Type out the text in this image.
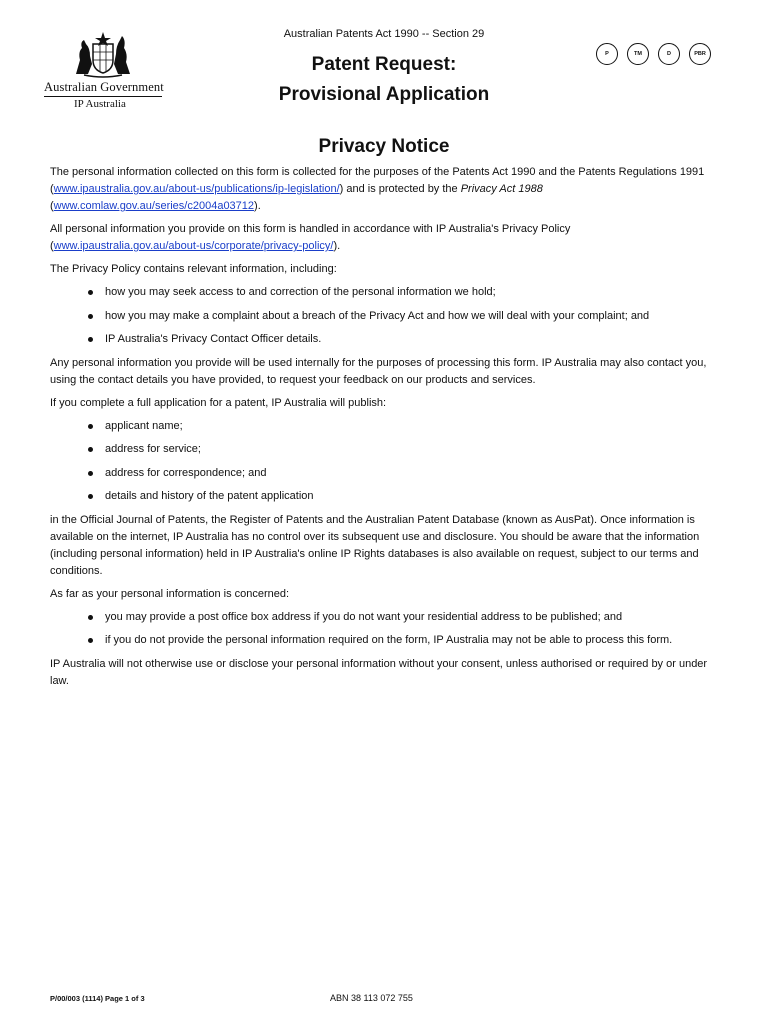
Australian Government
IP Australia
Australian Patents Act 1990 -- Section 29
Patent Request:
Provisional Application
P	TM	D	PBR
Privacy Notice

The personal information collected on this form is collected for the purposes of the Patents Act 1990 and the Patents Regulations 1991 (www.ipaustralia.gov.au/about-us/publications/ip-legislation/) and is protected by the Privacy Act 1988 (www.comlaw.gov.au/series/c2004a03712).

All personal information you provide on this form is handled in accordance with IP Australia's Privacy Policy (www.ipaustralia.gov.au/about-us/corporate/privacy-policy/).

The Privacy Policy contains relevant information, including:

how you may seek access to and correction of the personal information we hold;
how you may make a complaint about a breach of the Privacy Act and how we will deal with your complaint; and
IP Australia's Privacy Contact Officer details.

Any personal information you provide will be used internally for the purposes of processing this form. IP Australia may also contact you, using the contact details you have provided, to request your feedback on our products and services.

If you complete a full application for a patent, IP Australia will publish:

applicant name;
address for service;
address for correspondence; and
details and history of the patent application

in the Official Journal of Patents, the Register of Patents and the Australian Patent Database (known as AusPat). Once information is available on the internet, IP Australia has no control over its subsequent use and disclosure. You should be aware that the information (including personal information) held in IP Australia's online IP Rights databases is also available on request, subject to our terms and conditions.

As far as your personal information is concerned:

you may provide a post office box address if you do not want your residential address to be published; and
if you do not provide the personal information required on the form, IP Australia may not be able to process this form.

IP Australia will not otherwise use or disclose your personal information without your consent, unless authorised or required by or under law.

P/00/003 (1114) Page 1 of 3	ABN 38 113 072 755
